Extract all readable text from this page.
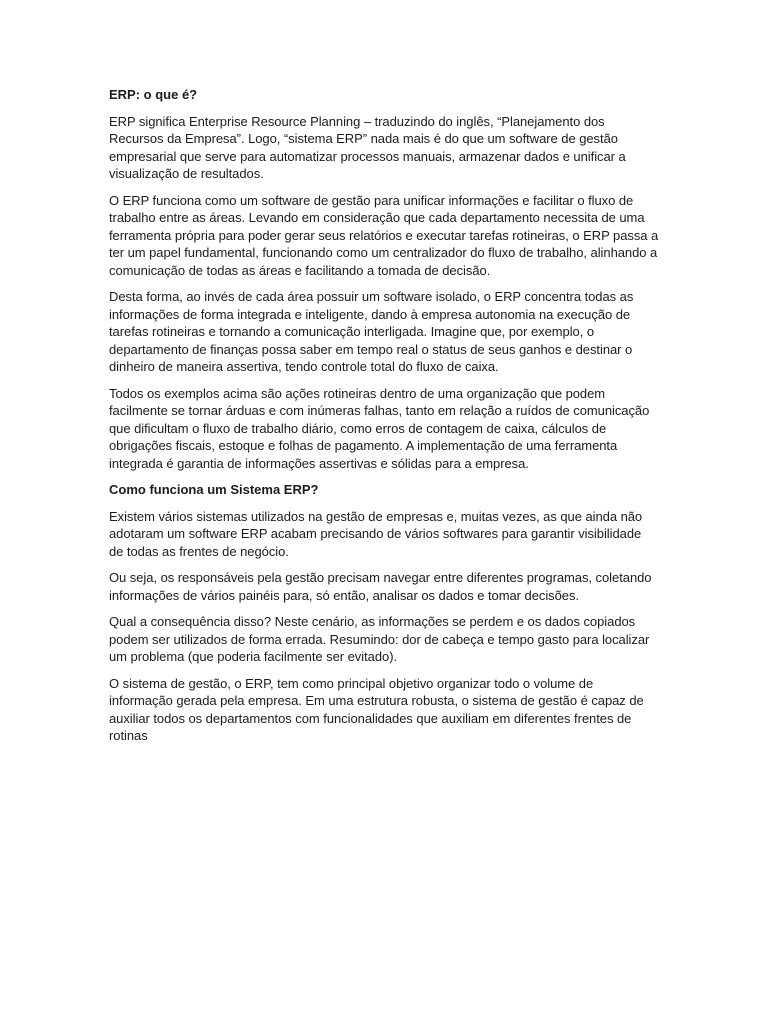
ERP: o que é?

ERP significa Enterprise Resource Planning – traduzindo do inglês, “Planejamento dos Recursos da Empresa”. Logo, “sistema ERP” nada mais é do que um software de gestão empresarial que serve para automatizar processos manuais, armazenar dados e unificar a visualização de resultados.

O ERP funciona como um software de gestão para unificar informações e facilitar o fluxo de trabalho entre as áreas. Levando em consideração que cada departamento necessita de uma ferramenta própria para poder gerar seus relatórios e executar tarefas rotineiras, o ERP passa a ter um papel fundamental, funcionando como um centralizador do fluxo de trabalho, alinhando a comunicação de todas as áreas e facilitando a tomada de decisão.

Desta forma, ao invés de cada área possuir um software isolado, o ERP concentra todas as informações de forma integrada e inteligente, dando à empresa autonomia na execução de tarefas rotineiras e tornando a comunicação interligada. Imagine que, por exemplo, o departamento de finanças possa saber em tempo real o status de seus ganhos e destinar o dinheiro de maneira assertiva, tendo controle total do fluxo de caixa.

Todos os exemplos acima são ações rotineiras dentro de uma organização que podem facilmente se tornar árduas e com inúmeras falhas, tanto em relação a ruídos de comunicação que dificultam o fluxo de trabalho diário, como erros de contagem de caixa, cálculos de obrigações fiscais, estoque e folhas de pagamento. A implementação de uma ferramenta integrada é garantia de informações assertivas e sólidas para a empresa.

Como funciona um Sistema ERP?

Existem vários sistemas utilizados na gestão de empresas e, muitas vezes, as que ainda não adotaram um software ERP acabam precisando de vários softwares para garantir visibilidade de todas as frentes de negócio.

Ou seja, os responsáveis pela gestão precisam navegar entre diferentes programas, coletando informações de vários painéis para, só então, analisar os dados e tomar decisões.

Qual a consequência disso? Neste cenário, as informações se perdem e os dados copiados podem ser utilizados de forma errada. Resumindo: dor de cabeça e tempo gasto para localizar um problema (que poderia facilmente ser evitado).

O sistema de gestão, o ERP, tem como principal objetivo organizar todo o volume de informação gerada pela empresa. Em uma estrutura robusta, o sistema de gestão é capaz de auxiliar todos os departamentos com funcionalidades que auxiliam em diferentes frentes de rotinas
